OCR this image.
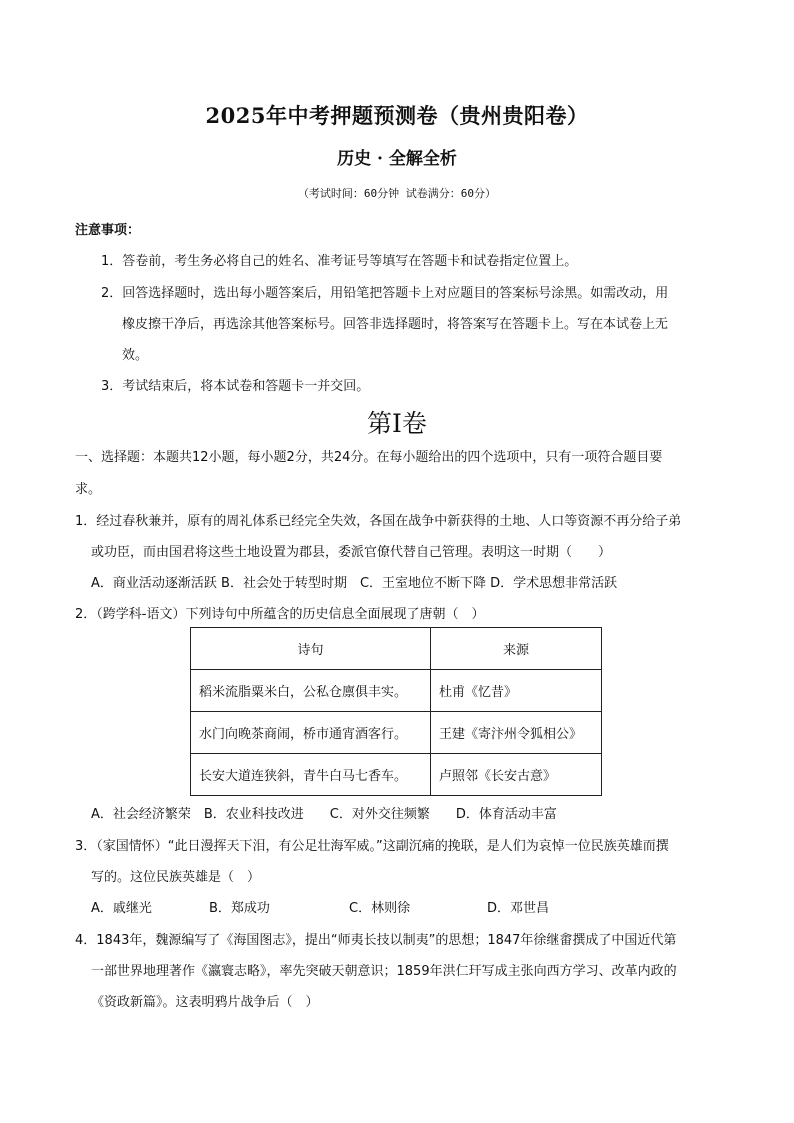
2025年中考押题预测卷（贵州贵阳卷）
历史 · 全解全析
（考试时间：60分钟 试卷满分：60分）
注意事项：
1．答卷前，考生务必将自己的姓名、准考证号等填写在答题卡和试卷指定位置上。
2．回答选择题时，选出每小题答案后，用铅笔把答题卡上对应题目的答案标号涂黑。如需改动，用
橡皮擦干净后，再选涂其他答案标号。回答非选择题时，将答案写在答题卡上。写在本试卷上无
效。
3．考试结束后，将本试卷和答题卡一并交回。
第Ⅰ卷
一、选择题：本题共12小题，每小题2分，共24分。在每小题给出的四个选项中，只有一项符合题目要
求。
1．经过春秋兼并，原有的周礼体系已经完全失效，各国在战争中新获得的土地、人口等资源不再分给子弟
或功臣，而由国君将这些土地设置为郡县，委派官僚代替自己管理。表明这一时期（　　）
A．商业活动逐渐活跃 B．社会处于转型时期　C．王室地位不断下降 D．学术思想非常活跃
2．（跨学科-语文）下列诗句中所蕴含的历史信息全面展现了唐朝（　）
诗句	来源
稻米流脂粟米白，公私仓廪俱丰实。	杜甫《忆昔》
水门向晚茶商闹，桥市通宵酒客行。	王建《寄汴州令狐相公》
长安大道连狭斜，青牛白马七香车。	卢照邻《长安古意》
A．社会经济繁荣　B．农业科技改进　　C．对外交往频繁　　D．体育活动丰富
3．（家国情怀）“此日漫挥天下泪，有公足壮海军威。”这副沉痛的挽联，是人们为哀悼一位民族英雄而撰
写的。这位民族英雄是（　）
A．戚继光	B．郑成功	C．林则徐	D．邓世昌
4．1843年，魏源编写了《海国图志》，提出“师夷长技以制夷”的思想；1847年徐继畬撰成了中国近代第
一部世界地理著作《瀛寰志略》，率先突破天朝意识；1859年洪仁玕写成主张向西方学习、改革内政的
《资政新篇》。这表明鸦片战争后（　）
